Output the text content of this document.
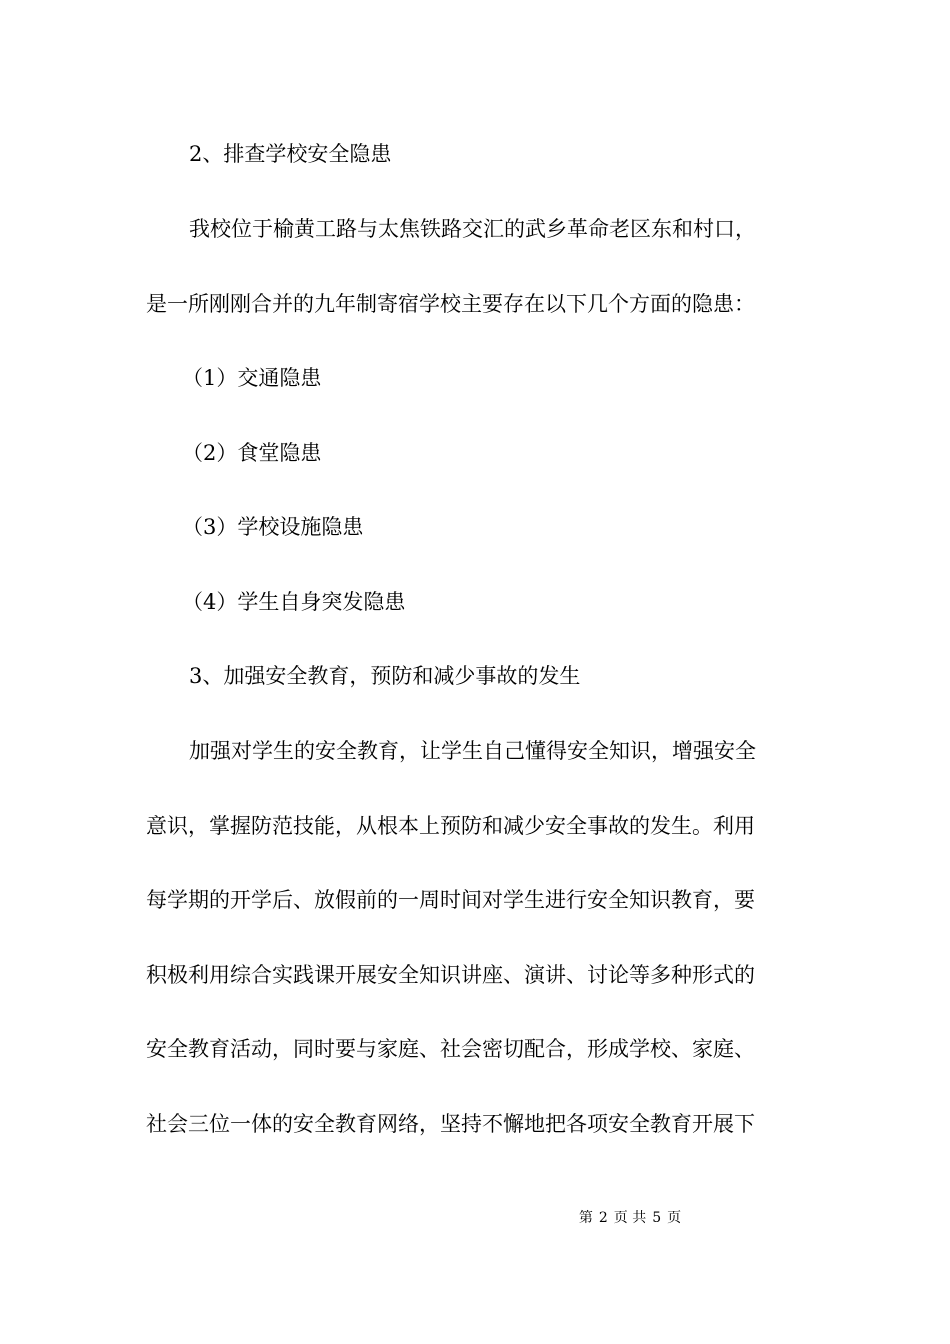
2、排查学校安全隐患
我校位于榆黄工路与太焦铁路交汇的武乡革命老区东和村口，
是一所刚刚合并的九年制寄宿学校主要存在以下几个方面的隐患：
（1）交通隐患
（2）食堂隐患
（3）学校设施隐患
（4）学生自身突发隐患
3、加强安全教育，预防和减少事故的发生
加强对学生的安全教育，让学生自己懂得安全知识，增强安全
意识，掌握防范技能，从根本上预防和减少安全事故的发生。利用
每学期的开学后、放假前的一周时间对学生进行安全知识教育，要
积极利用综合实践课开展安全知识讲座、演讲、讨论等多种形式的
安全教育活动，同时要与家庭、社会密切配合，形成学校、家庭、
社会三位一体的安全教育网络，坚持不懈地把各项安全教育开展下
第 2 页 共 5 页
